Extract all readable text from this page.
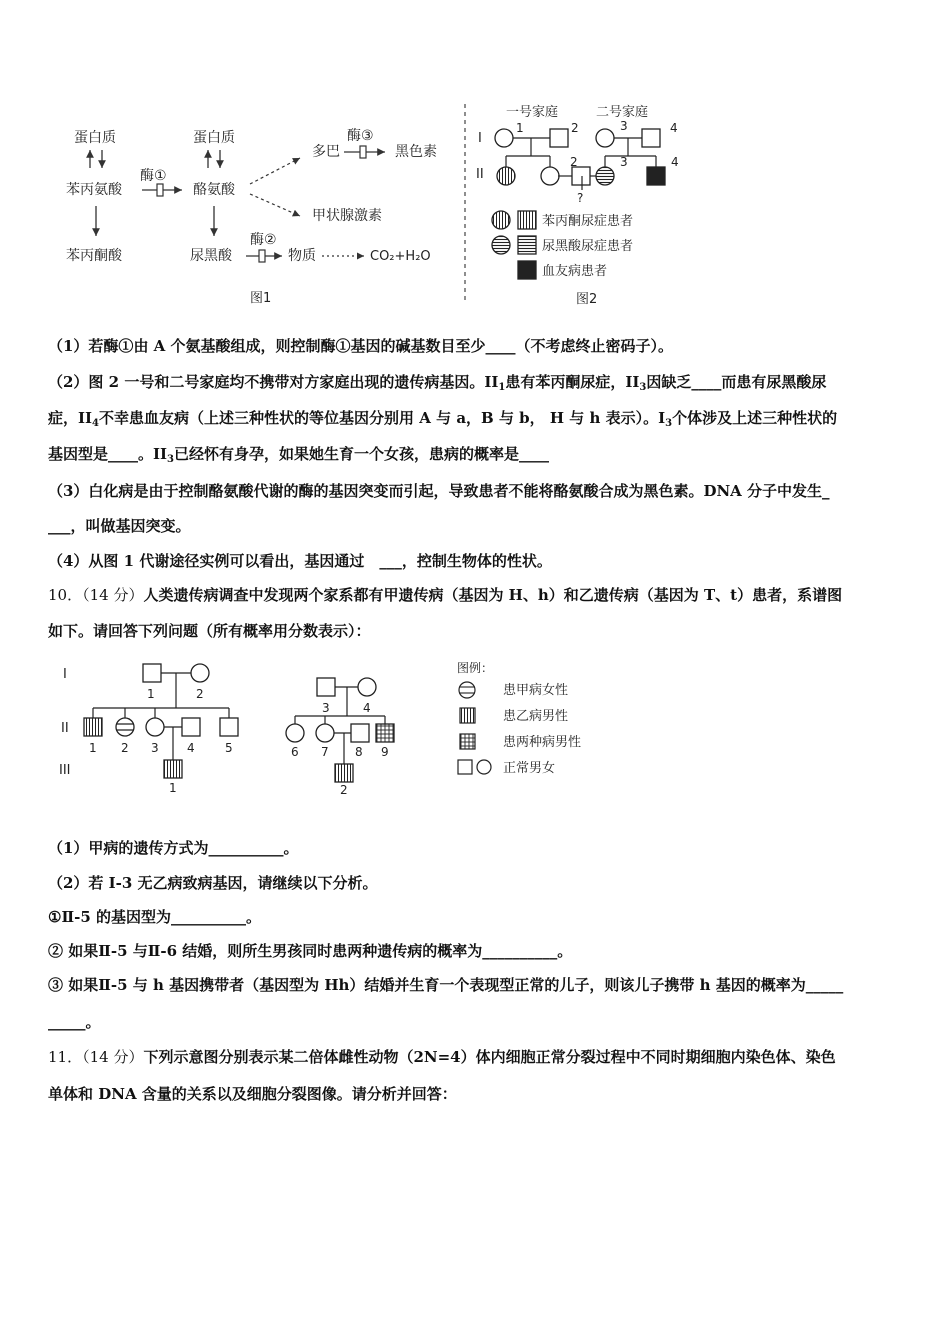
蛋白质
苯丙氨酸
苯丙酮酸
酶①
蛋白质
酪氨酸
尿黑酸
多巴
酶③
黑色素
甲状腺激素
酶②
物质	CO₂+H₂O
图1
一号家庭	二号家庭
I
II
1	2
2
?
3	4
3	4
苯丙酮尿症患者
尿黑酸尿症患者
血友病患者
图2
（1）若酶①由 A 个氨基酸组成，则控制酶①基因的碱基数目至少____（不考虑终止密码子）。
（2）图 2 一号和二号家庭均不携带对方家庭出现的遗传病基因。$II_1$患有苯丙酮尿症，$II_3$因缺乏____而患有尿黑酸尿
症，$II_4$不幸患血友病（上述三种性状的等位基因分别用 A 与 a，B 与 b， H 与 h 表示）。$I_3$个体涉及上述三种性状的
基因型是____。$II_3$已经怀有身孕，如果她生育一个女孩，患病的概率是____
（3）白化病是由于控制酪氨酸代谢的酶的基因突变而引起，导致患者不能将酪氨酸合成为黑色素。DNA 分子中发生_
___，叫做基因突变。
（4）从图 1 代谢途径实例可以看出，基因通过　___，控制生物体的性状。
10．（14 分）人类遗传病调查中发现两个家系都有甲遗传病（基因为 H、h）和乙遗传病（基因为 T、t）患者，系谱图
如下。请回答下列问题（所有概率用分数表示）：
I
II
III
1	2
1 2 3 4	5
1
3	4
6 7 8 9
2
图例：
患甲病女性
患乙病男性
患两种病男性
正常男女
（1）甲病的遗传方式为__________。
（2）若 I-3 无乙病致病基因，请继续以下分析。
①Ⅱ-5 的基因型为__________。
② 如果Ⅱ-5 与Ⅱ-6 结婚，则所生男孩同时患两种遗传病的概率为__________。
③ 如果Ⅱ-5 与 h 基因携带者（基因型为 Hh）结婚并生育一个表现型正常的儿子，则该儿子携带 h 基因的概率为_____
_____。
11．（14 分）下列示意图分别表示某二倍体雌性动物（2N=4）体内细胞正常分裂过程中不同时期细胞内染色体、染色
单体和 DNA 含量的关系以及细胞分裂图像。请分析并回答：
